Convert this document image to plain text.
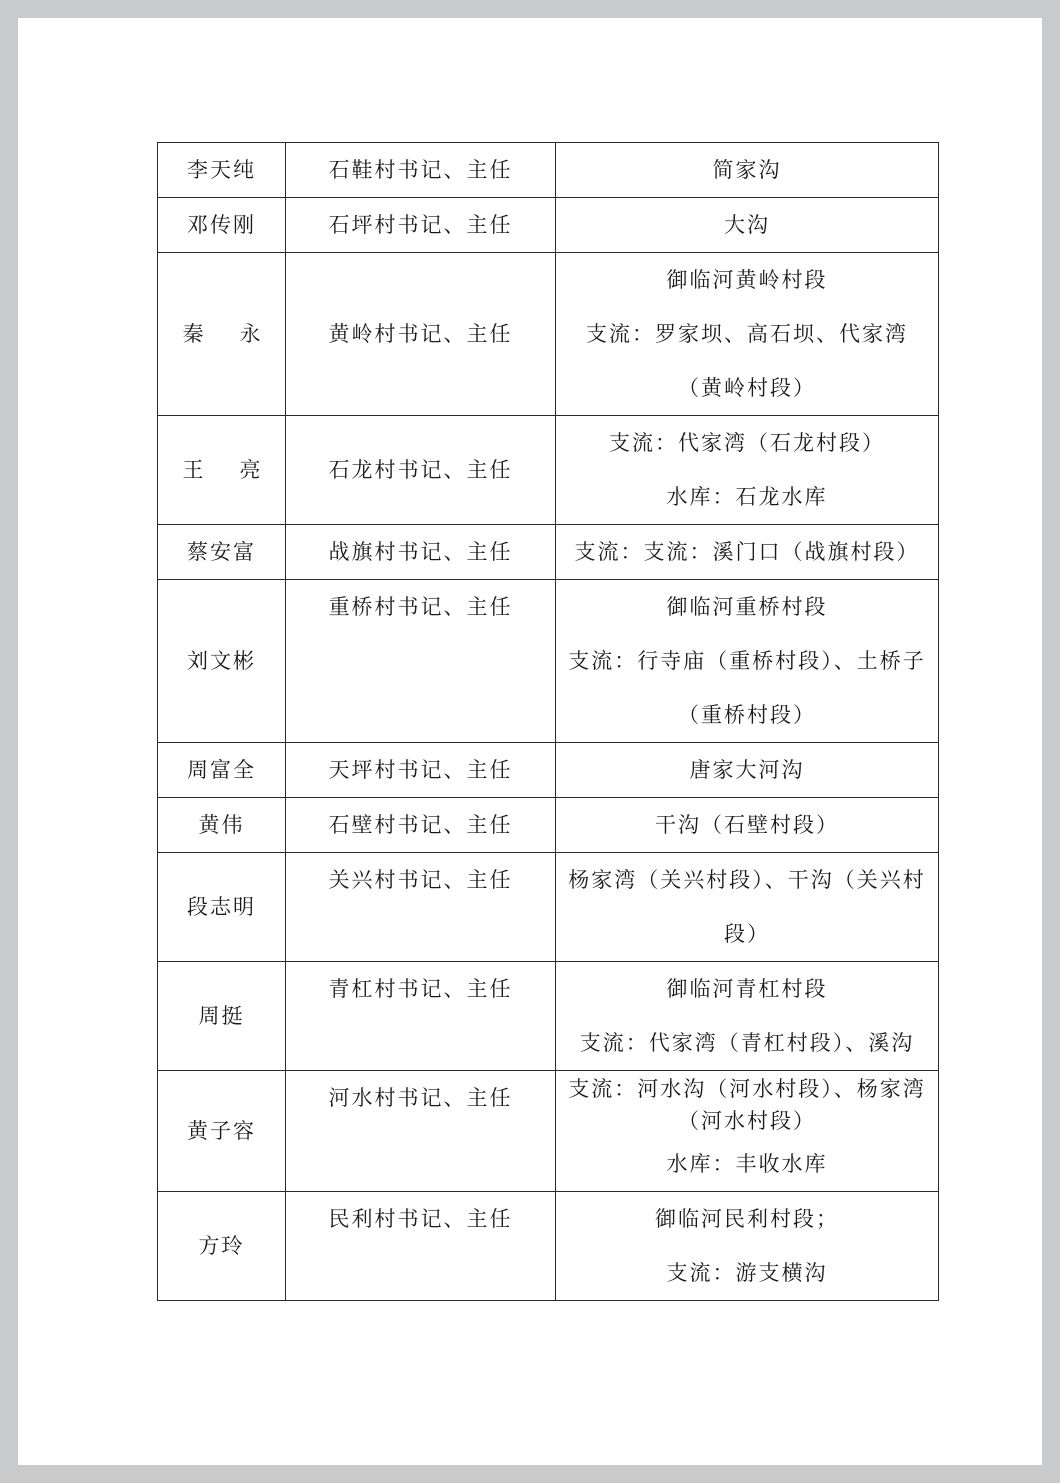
李天纯	石鞋村书记、主任	简家沟

邓传刚	石坪村书记、主任	大沟

秦永	黄岭村书记、主任	御临河黄岭村段
支流：罗家坝、高石坝、代家湾（黄岭村段）

王亮	石龙村书记、主任	支流：代家湾（石龙村段）
水库：石龙水库

蔡安富	战旗村书记、主任	支流：支流：溪门口（战旗村段）

刘文彬	重桥村书记、主任	御临河重桥村段
支流：行寺庙（重桥村段）、土桥子（重桥村段）

周富全	天坪村书记、主任	唐家大河沟

黄伟	石壁村书记、主任	干沟（石壁村段）

段志明	关兴村书记、主任	杨家湾（关兴村段）、干沟（关兴村段）

周挺	青杠村书记、主任	御临河青杠村段
支流：代家湾（青杠村段）、溪沟

黄子容	河水村书记、主任	支流：河水沟（河水村段）、杨家湾（河水村段）
水库：丰收水库

方玲	民利村书记、主任	御临河民利村段；
支流：游支横沟
